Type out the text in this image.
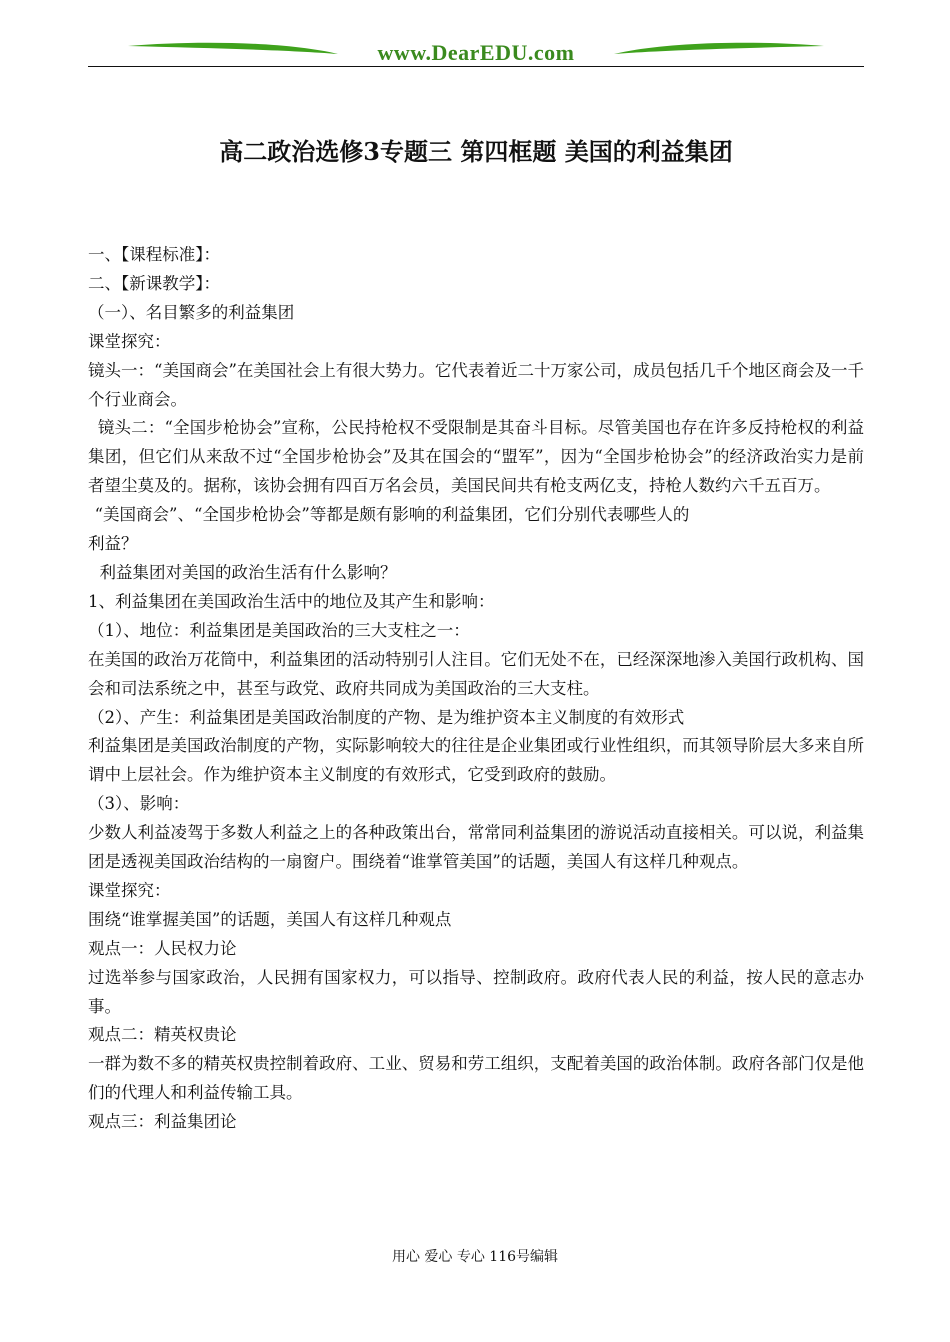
www.DearEDU.com
高二政治选修3专题三 第四框题 美国的利益集团

一、【课程标准】：

二、【新课教学】：

（一）、名目繁多的利益集团

课堂探究：

镜头一：“美国商会”在美国社会上有很大势力。它代表着近二十万家公司，成员包括几千个地区商会及一千个行业商会。

镜头二：“全国步枪协会”宣称，公民持枪权不受限制是其奋斗目标。尽管美国也存在许多反持枪权的利益集团，但它们从来敌不过“全国步枪协会”及其在国会的“盟军”，因为“全国步枪协会”的经济政治实力是前者望尘莫及的。据称，该协会拥有四百万名会员，美国民间共有枪支两亿支，持枪人数约六千五百万。

“美国商会”、“全国步枪协会”等都是颇有影响的利益集团，它们分别代表哪些人的

利益？

利益集团对美国的政治生活有什么影响？

1、利益集团在美国政治生活中的地位及其产生和影响：

（1）、地位：利益集团是美国政治的三大支柱之一：

在美国的政治万花筒中，利益集团的活动特别引人注目。它们无处不在，已经深深地渗入美国行政机构、国会和司法系统之中，甚至与政党、政府共同成为美国政治的三大支柱。

（2）、产生：利益集团是美国政治制度的产物、是为维护资本主义制度的有效形式

利益集团是美国政治制度的产物，实际影响较大的往往是企业集团或行业性组织，而其领导阶层大多来自所谓中上层社会。作为维护资本主义制度的有效形式，它受到政府的鼓励。

（3）、影响：

少数人利益凌驾于多数人利益之上的各种政策出台，常常同利益集团的游说活动直接相关。可以说，利益集团是透视美国政治结构的一扇窗户。围绕着“谁掌管美国”的话题，美国人有这样几种观点。

课堂探究：

围绕“谁掌握美国”的话题，美国人有这样几种观点

观点一：人民权力论

过选举参与国家政治，人民拥有国家权力，可以指导、控制政府。政府代表人民的利益，按人民的意志办事。

观点二：精英权贵论

一群为数不多的精英权贵控制着政府、工业、贸易和劳工组织，支配着美国的政治体制。政府各部门仅是他们的代理人和利益传输工具。

观点三：利益集团论

用心 爱心 专心 116号编辑
